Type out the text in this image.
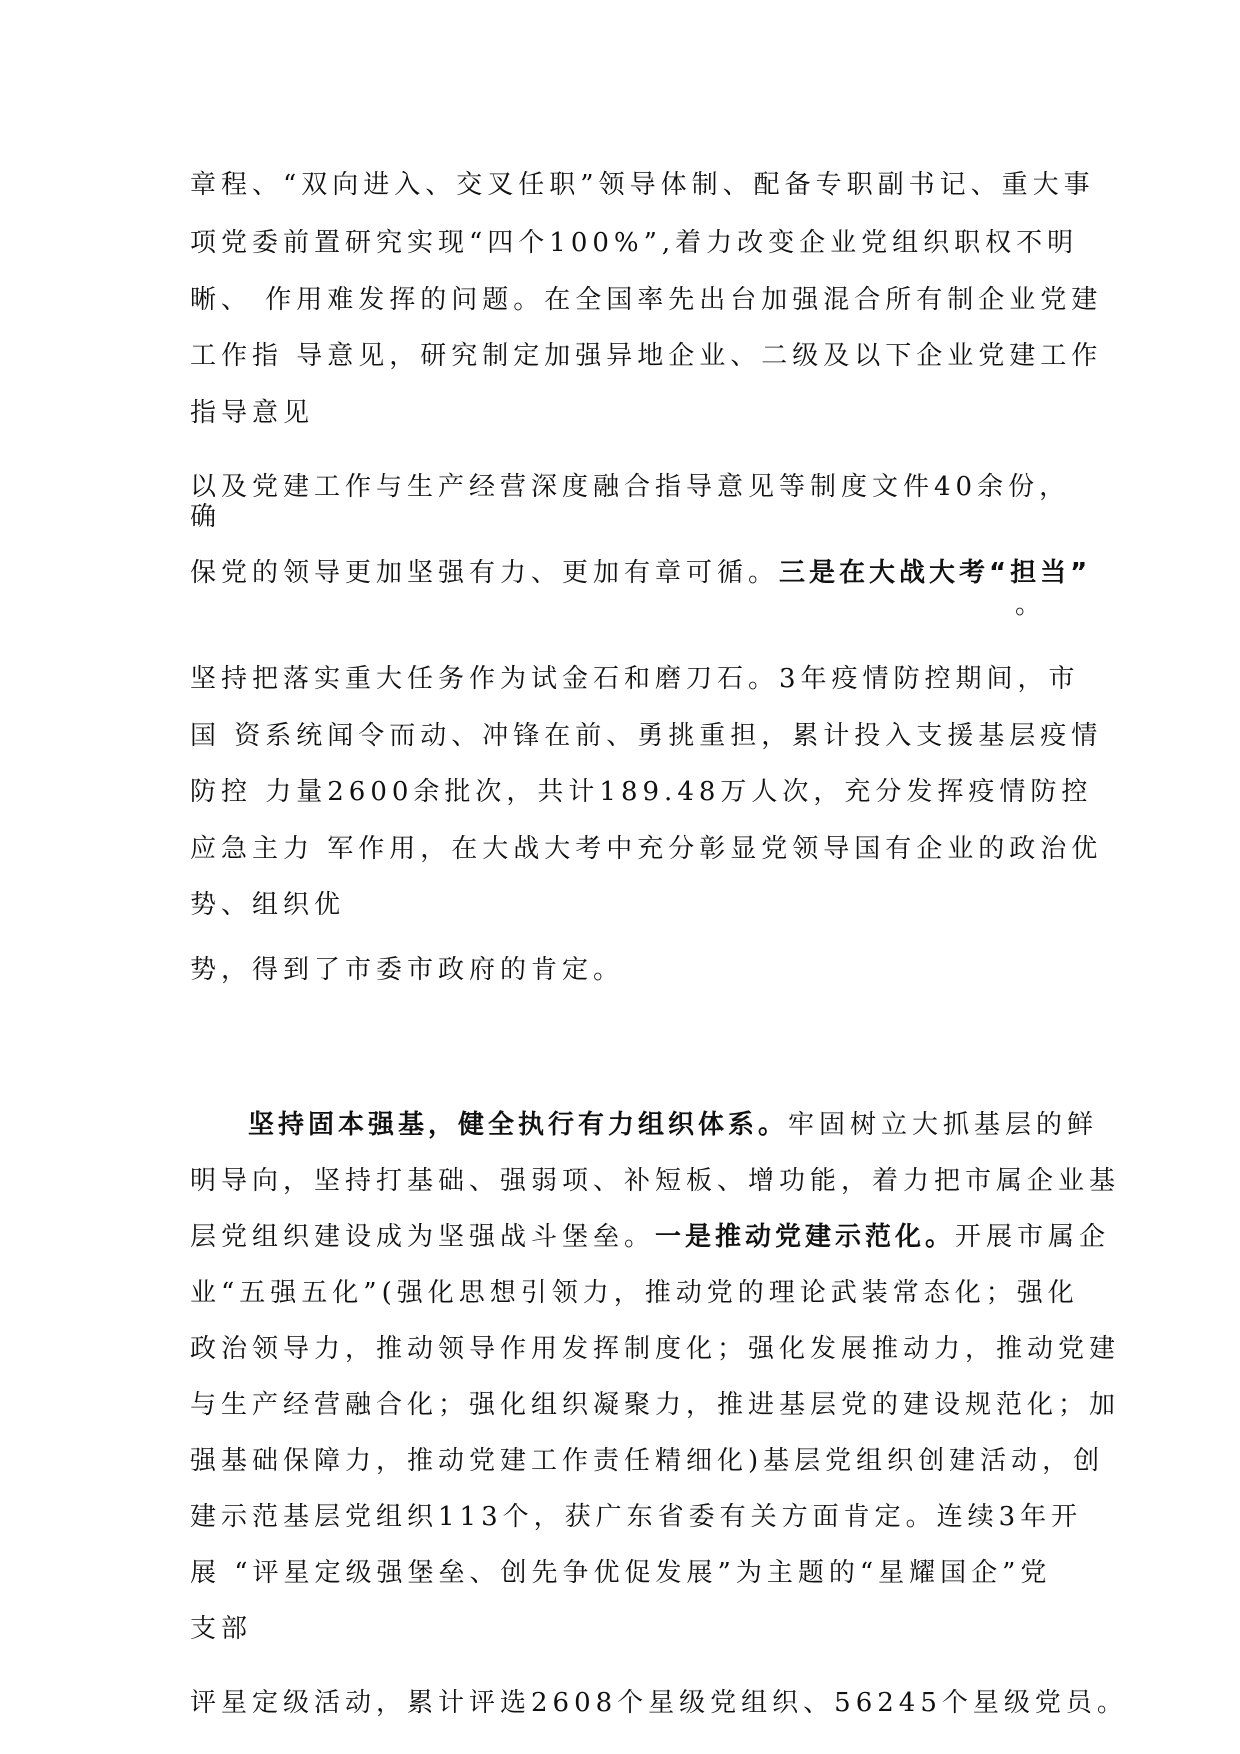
章程、“双向进入、交叉任职”领导体制、配备专职副书记、重大事
项党委前置研究实现“四个100%”,着力改变企业党组织职权不明
晰、 作用难发挥的问题。在全国率先出台加强混合所有制企业党建
工作指 导意见，研究制定加强异地企业、二级及以下企业党建工作
指导意见
以及党建工作与生产经营深度融合指导意见等制度文件40余份，
确
保党的领导更加坚强有力、更加有章可循。三是在大战大考“担当”
。
坚持把落实重大任务作为试金石和磨刀石。3年疫情防控期间，市
国 资系统闻令而动、冲锋在前、勇挑重担，累计投入支援基层疫情
防控 力量2600余批次，共计189.48万人次，充分发挥疫情防控
应急主力 军作用，在大战大考中充分彰显党领导国有企业的政治优
势、组织优
势，得到了市委市政府的肯定。
坚持固本强基，健全执行有力组织体系。牢固树立大抓基层的鲜
明导向，坚持打基础、强弱项、补短板、增功能，着力把市属企业基
层党组织建设成为坚强战斗堡垒。一是推动党建示范化。开展市属企
业“五强五化”(强化思想引领力，推动党的理论武装常态化；强化
政治领导力，推动领导作用发挥制度化；强化发展推动力，推动党建
与生产经营融合化；强化组织凝聚力，推进基层党的建设规范化；加
强基础保障力，推动党建工作责任精细化)基层党组织创建活动，创
建示范基层党组织113个，获广东省委有关方面肯定。连续3年开
展 “评星定级强堡垒、创先争优促发展”为主题的“星耀国企”党
支部
评星定级活动，累计评选2608个星级党组织、56245个星级党员。
